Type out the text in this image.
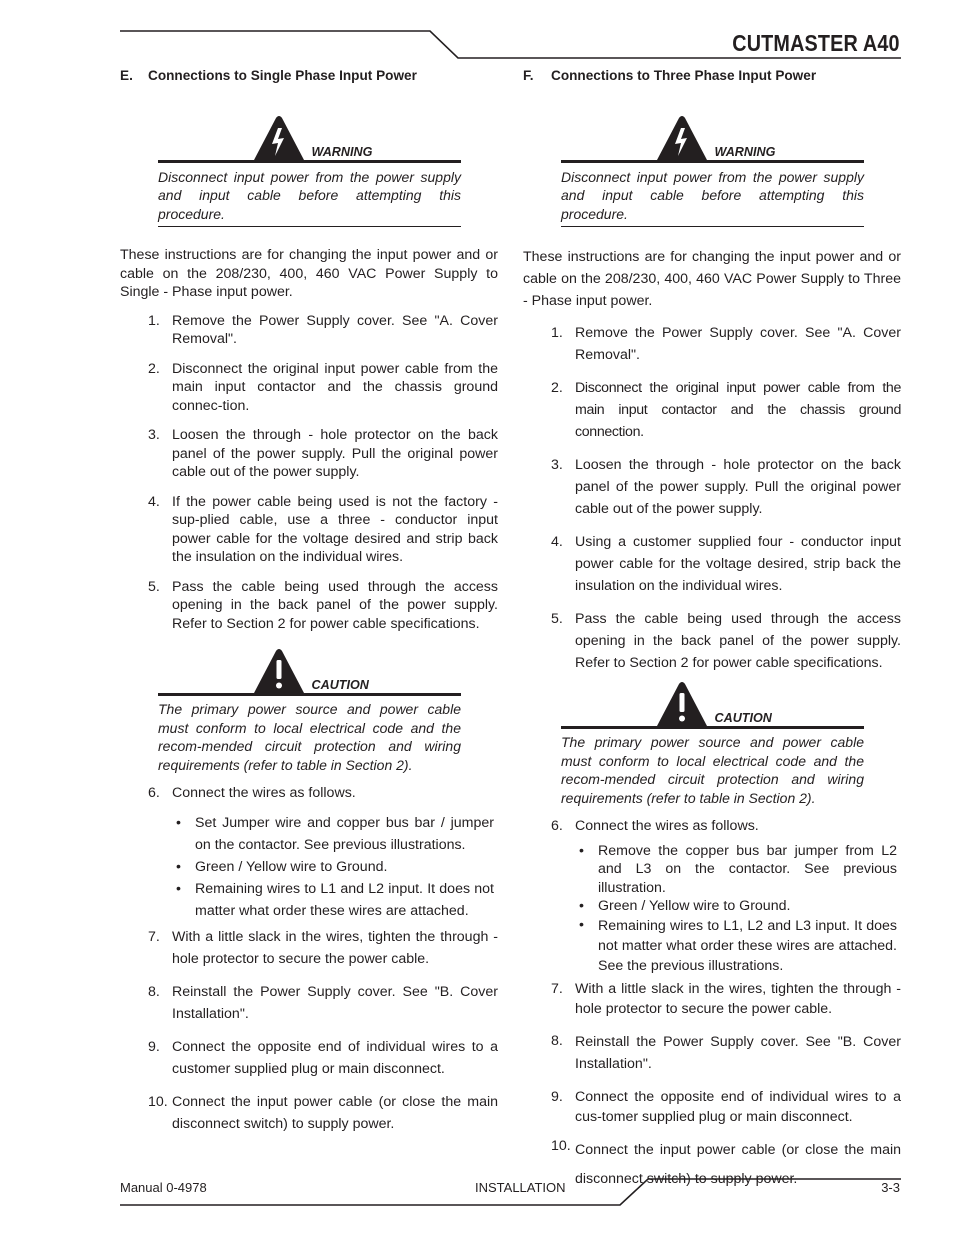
CUTMASTER A40
E.	Connections to Single Phase Input Power
WARNING
Disconnect input power from the power supply and input cable before attempting this procedure.

These instructions are for changing the input power and or cable on the 208/230, 400, 460 VAC Power Supply to Single - Phase input power.

1. Remove the Power Supply cover. See "A. Cover Removal".
2. Disconnect the original input power cable from the main input contactor and the chassis ground connec-tion.
3. Loosen the through - hole protector on the back panel of the power supply. Pull the original power cable out of the power supply.
4. If the power cable being used is not the factory - sup-plied cable, use a three - conductor input power cable for the voltage desired and strip back the insulation on the individual wires.
5. Pass the cable being used through the access opening in the back panel of the power supply. Refer to Section 2 for power cable specifications.
CAUTION
The primary power source and power cable must conform to local electrical code and the recom-mended circuit protection and wiring requirements (refer to table in Section 2).
6. Connect the wires as follows.
• Set Jumper wire and copper bus bar / jumper on the contactor. See previous illustrations.
• Green / Yellow wire to Ground.
• Remaining wires to L1 and L2 input. It does not matter what order these wires are attached.
7. With a little slack in the wires, tighten the through - hole protector to secure the power cable.
8. Reinstall the Power Supply cover. See "B. Cover Installation".
9. Connect the opposite end of individual wires to a customer supplied plug or main disconnect.
10. Connect the input power cable (or close the main disconnect switch) to supply power.
F.	Connections to Three Phase Input Power
WARNING
Disconnect input power from the power supply and input cable before attempting this procedure.

These instructions are for changing the input power and or cable on the 208/230, 400, 460 VAC Power Supply to Three - Phase input power.

1. Remove the Power Supply cover. See "A. Cover Removal".
2. Disconnect the original input power cable from the main input contactor and the chassis ground connection.
3. Loosen the through - hole protector on the back panel of the power supply. Pull the original power cable out of the power supply.
4. Using a customer supplied four - conductor input power cable for the voltage desired, strip back the insulation on the individual wires.
5. Pass the cable being used through the access opening in the back panel of the power supply. Refer to Section 2 for power cable specifications.
CAUTION
The primary power source and power cable must conform to local electrical code and the recom-mended circuit protection and wiring requirements (refer to table in Section 2).
6. Connect the wires as follows.
• Remove the copper bus bar jumper from L2 and L3 on the contactor. See previous illustration.
• Green / Yellow wire to Ground.
• Remaining wires to L1, L2 and L3 input. It does not matter what order these wires are attached. See the previous illustrations.
7. With a little slack in the wires, tighten the through - hole protector to secure the power cable.
8. Reinstall the Power Supply cover. See "B. Cover Installation".
9. Connect the opposite end of individual wires to a cus-tomer supplied plug or main disconnect.
10. Connect the input power cable (or close the main disconnect switch) to supply power.
Manual 0-4978	INSTALLATION	3-3
